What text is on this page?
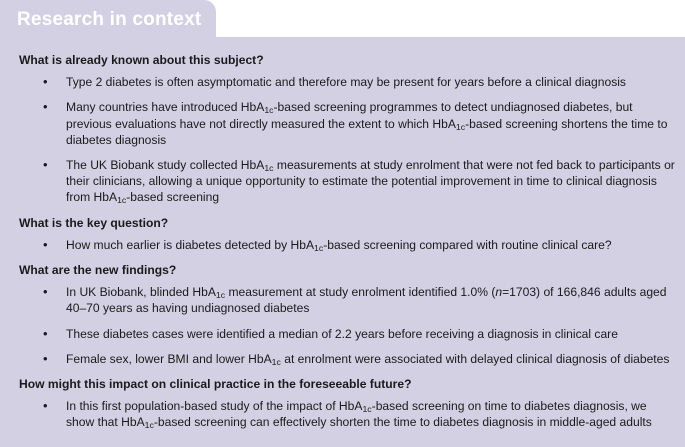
Research in context
What is already known about this subject?
• Type 2 diabetes is often asymptomatic and therefore may be present for years before a clinical diagnosis
• Many countries have introduced HbA$_{1c}$-based screening programmes to detect undiagnosed diabetes, but previous evaluations have not directly measured the extent to which HbA$_{1c}$-based screening shortens the time to diabetes diagnosis
• The UK Biobank study collected HbA$_{1c}$ measurements at study enrolment that were not fed back to participants or their clinicians, allowing a unique opportunity to estimate the potential improvement in time to clinical diagnosis from HbA$_{1c}$-based screening
What is the key question?
• How much earlier is diabetes detected by HbA$_{1c}$-based screening compared with routine clinical care?
What are the new findings?
• In UK Biobank, blinded HbA$_{1c}$ measurement at study enrolment identified 1.0% (n=1703) of 166,846 adults aged 40–70 years as having undiagnosed diabetes
• These diabetes cases were identified a median of 2.2 years before receiving a diagnosis in clinical care
• Female sex, lower BMI and lower HbA$_{1c}$ at enrolment were associated with delayed clinical diagnosis of diabetes
How might this impact on clinical practice in the foreseeable future?
• In this first population-based study of the impact of HbA$_{1c}$-based screening on time to diabetes diagnosis, we show that HbA$_{1c}$-based screening can effectively shorten the time to diabetes diagnosis in middle-aged adults
